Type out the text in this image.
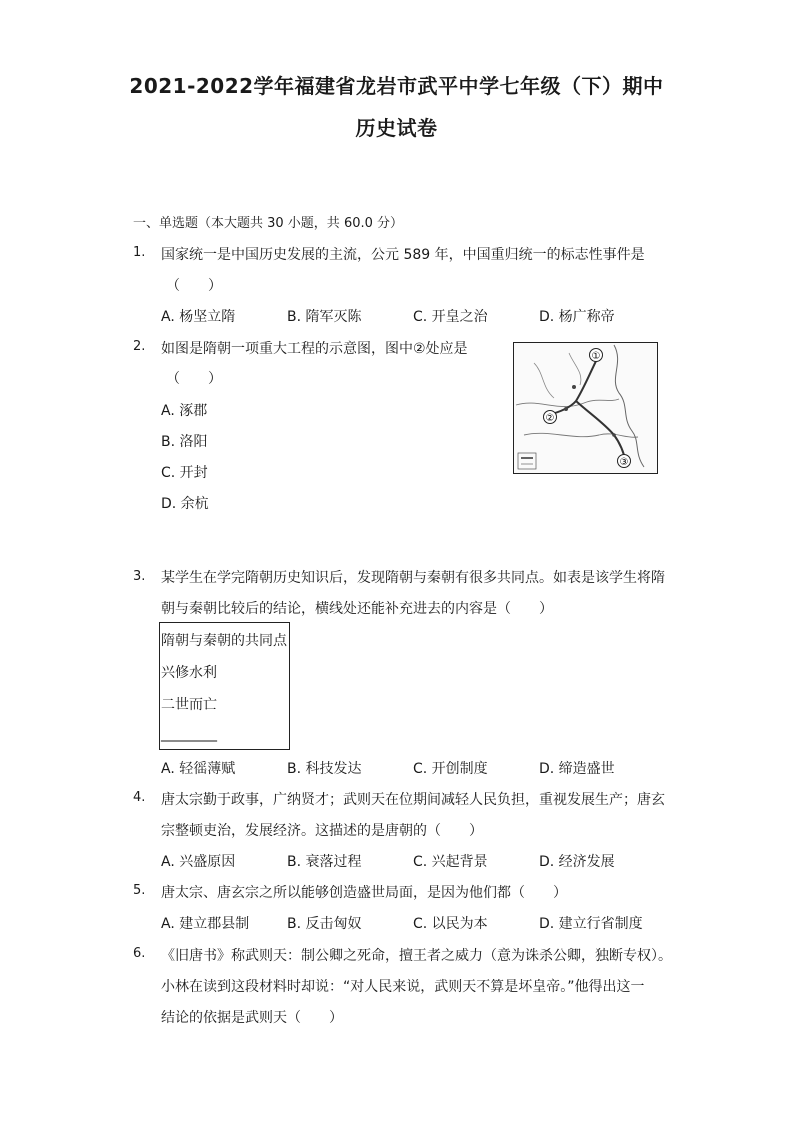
2021-2022学年福建省龙岩市武平中学七年级（下）期中
历史试卷
一、单选题（本大题共 30 小题，共 60.0 分）
1. 国家统一是中国历史发展的主流，公元 589 年，中国重归统一的标志性事件是
（　　）
A. 杨坚立隋	B. 隋军灭陈	C. 开皇之治	D. 杨广称帝
2. 如图是隋朝一项重大工程的示意图，图中②处应是
（　　）
A. 涿郡
B. 洛阳
C. 开封
D. 余杭
①
②
③
3. 某学生在学完隋朝历史知识后，发现隋朝与秦朝有很多共同点。如表是该学生将隋
朝与秦朝比较后的结论，横线处还能补充进去的内容是（　　）
隋朝与秦朝的共同点
兴修水利
二世而亡
________
A. 轻徭薄赋	B. 科技发达	C. 开创制度	D. 缔造盛世
4. 唐太宗勤于政事，广纳贤才；武则天在位期间减轻人民负担，重视发展生产；唐玄
宗整顿吏治，发展经济。这描述的是唐朝的（　　）
A. 兴盛原因	B. 衰落过程	C. 兴起背景	D. 经济发展
5. 唐太宗、唐玄宗之所以能够创造盛世局面，是因为他们都（　　）
A. 建立郡县制	B. 反击匈奴	C. 以民为本	D. 建立行省制度
6. 《旧唐书》称武则天：制公卿之死命，擅王者之威力（意为诛杀公卿，独断专权）。
小林在读到这段材料时却说：“对人民来说，武则天不算是坏皇帝。”他得出这一
结论的依据是武则天（　　）
